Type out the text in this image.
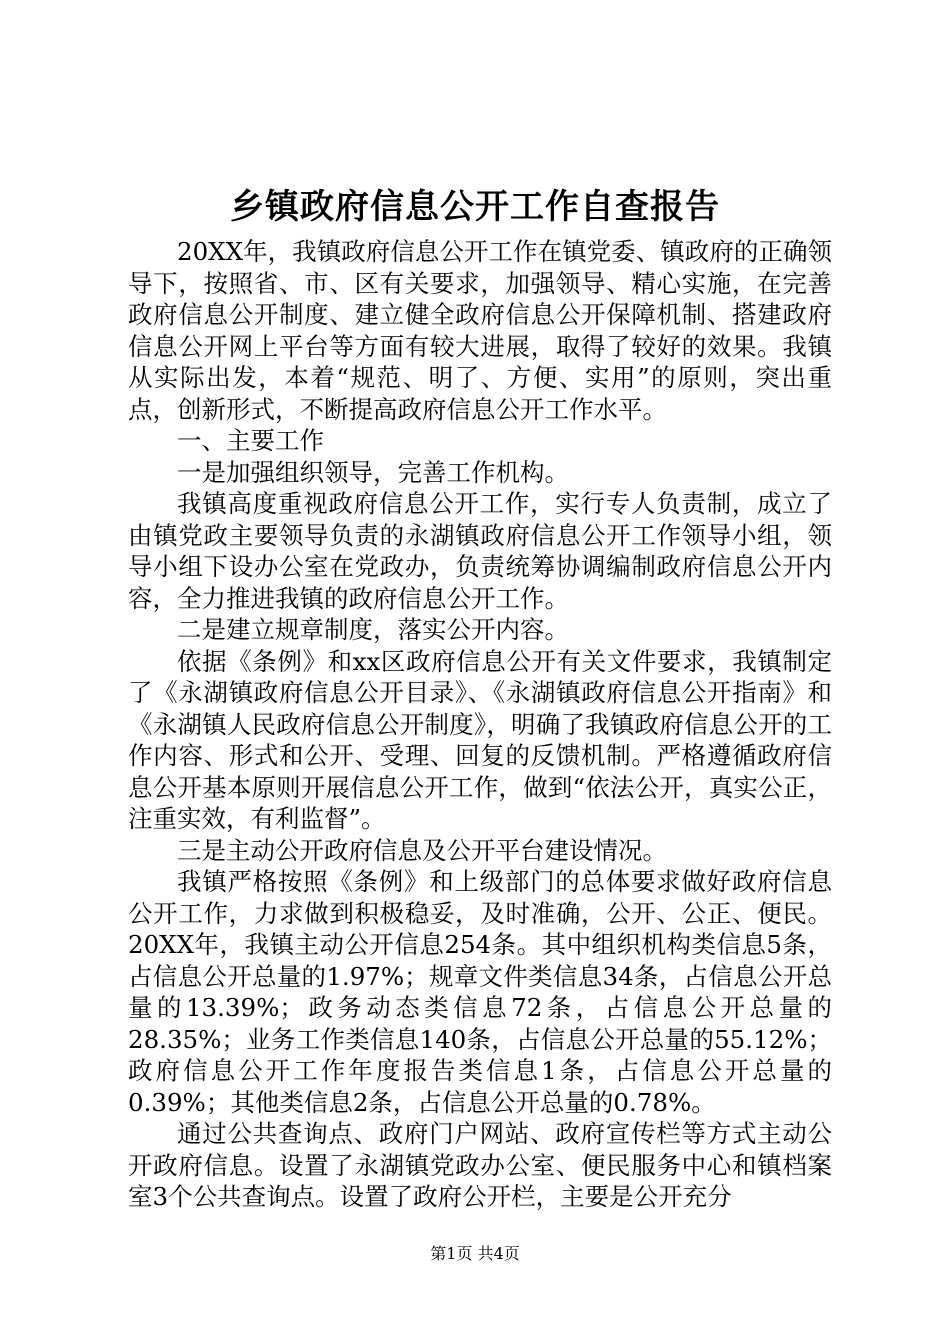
乡镇政府信息公开工作自查报告

20XX年，我镇政府信息公开工作在镇党委、镇政府的正确领导下，按照省、市、区有关要求，加强领导、精心实施，在完善政府信息公开制度、建立健全政府信息公开保障机制、搭建政府信息公开网上平台等方面有较大进展，取得了较好的效果。我镇从实际出发，本着“规范、明了、方便、实用”的原则，突出重点，创新形式，不断提高政府信息公开工作水平。

一、主要工作

一是加强组织领导，完善工作机构。

我镇高度重视政府信息公开工作，实行专人负责制，成立了由镇党政主要领导负责的永湖镇政府信息公开工作领导小组，领导小组下设办公室在党政办，负责统筹协调编制政府信息公开内容，全力推进我镇的政府信息公开工作。

二是建立规章制度，落实公开内容。

依据《条例》和xx区政府信息公开有关文件要求，我镇制定了《永湖镇政府信息公开目录》、《永湖镇政府信息公开指南》和《永湖镇人民政府信息公开制度》，明确了我镇政府信息公开的工作内容、形式和公开、受理、回复的反馈机制。严格遵循政府信息公开基本原则开展信息公开工作，做到“依法公开，真实公正，注重实效，有利监督”。

三是主动公开政府信息及公开平台建设情况。

我镇严格按照《条例》和上级部门的总体要求做好政府信息公开工作，力求做到积极稳妥，及时准确，公开、公正、便民。20XX年，我镇主动公开信息254条。其中组织机构类信息5条，占信息公开总量的1.97%；规章文件类信息34条，占信息公开总量的13.39%；政务动态类信息72条，占信息公开总量的28.35%；业务工作类信息140条，占信息公开总量的55.12%；政府信息公开工作年度报告类信息1条，占信息公开总量的0.39%；其他类信息2条，占信息公开总量的0.78%。

通过公共查询点、政府门户网站、政府宣传栏等方式主动公开政府信息。设置了永湖镇党政办公室、便民服务中心和镇档案室3个公共查询点。设置了政府公开栏，主要是公开充分

第1页 共4页
